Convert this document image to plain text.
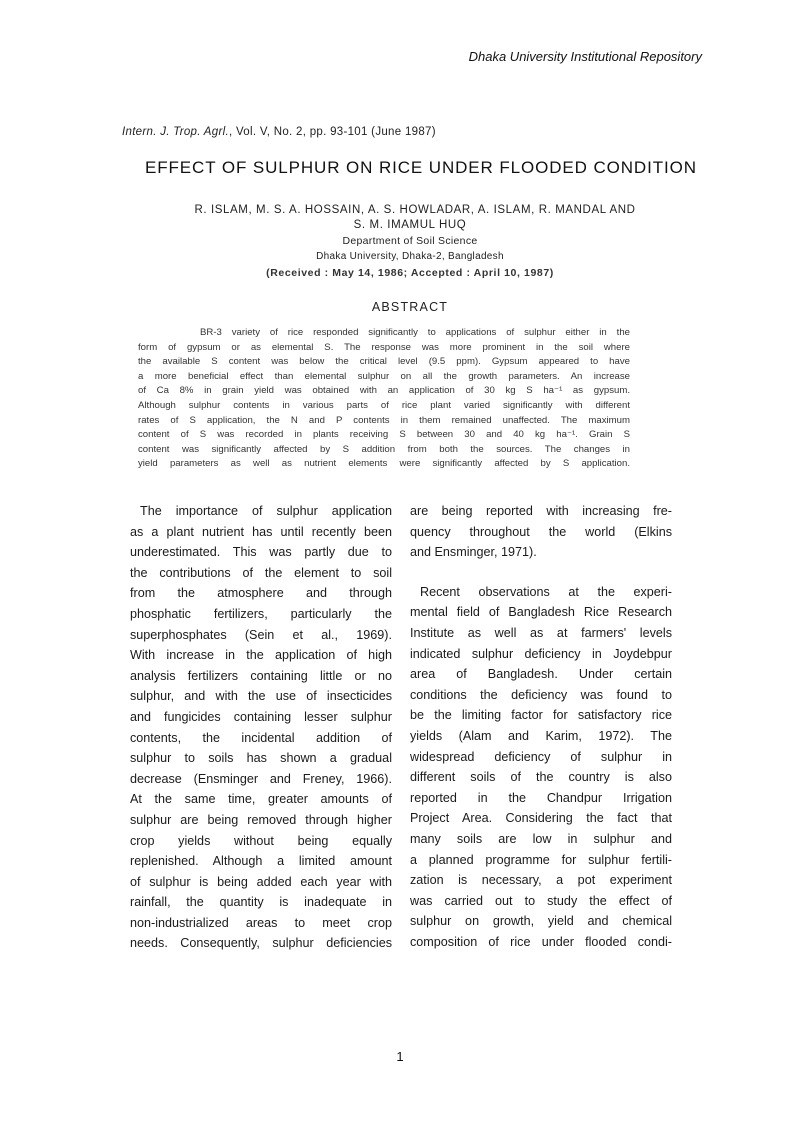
Dhaka University Institutional Repository
Intern. J. Trop. Agrl., Vol. V, No. 2, pp. 93-101 (June 1987)
EFFECT OF SULPHUR ON RICE UNDER FLOODED CONDITION
R. ISLAM, M. S. A. HOSSAIN, A. S. HOWLADAR, A. ISLAM, R. MANDAL AND
S. M. IMAMUL HUQ
Department of Soil Science
Dhaka University, Dhaka-2, Bangladesh
(Received : May 14, 1986; Accepted : April 10, 1987)
ABSTRACT
BR-3 variety of rice responded significantly to applications of sulphur either in the
form of gypsum or as elemental S. The response was more prominent in the soil where
the available S content was below the critical level (9.5 ppm). Gypsum appeared to have
a more beneficial effect than elemental sulphur on all the growth parameters. An increase
of Ca 8% in grain yield was obtained with an application of 30 kg S ha⁻¹ as gypsum.
Although sulphur contents in various parts of rice plant varied significantly with different
rates of S application, the N and P contents in them remained unaffected. The maximum
content of S was recorded in plants receiving S between 30 and 40 kg ha⁻¹. Grain S
content was significantly affected by S addition from both the sources. The changes in
yield parameters as well as nutrient elements were significantly affected by S application.
The importance of sulphur application
as a plant nutrient has until recently been
underestimated. This was partly due to
the contributions of the element to soil
from the atmosphere and through
phosphatic fertilizers, particularly the
superphosphates (Sein et al., 1969).
With increase in the application of high
analysis fertilizers containing little or no
sulphur, and with the use of insecticides
and fungicides containing lesser sulphur
contents, the incidental addition of
sulphur to soils has shown a gradual
decrease (Ensminger and Freney, 1966).
At the same time, greater amounts of
sulphur are being removed through higher
crop yields without being equally
replenished. Although a limited amount
of sulphur is being added each year with
rainfall, the quantity is inadequate in
non-industrialized areas to meet crop
needs. Consequently, sulphur deficiencies
are being reported with increasing fre-
quency throughout the world (Elkins
and Ensminger, 1971).
Recent observations at the experi-
mental field of Bangladesh Rice Research
Institute as well as at farmers' levels
indicated sulphur deficiency in Joydebpur
area of Bangladesh. Under certain
conditions the deficiency was found to
be the limiting factor for satisfactory rice
yields (Alam and Karim, 1972). The
widespread deficiency of sulphur in
different soils of the country is also
reported in the Chandpur Irrigation
Project Area. Considering the fact that
many soils are low in sulphur and
a planned programme for sulphur fertili-
zation is necessary, a pot experiment
was carried out to study the effect of
sulphur on growth, yield and chemical
composition of rice under flooded condi-
1
